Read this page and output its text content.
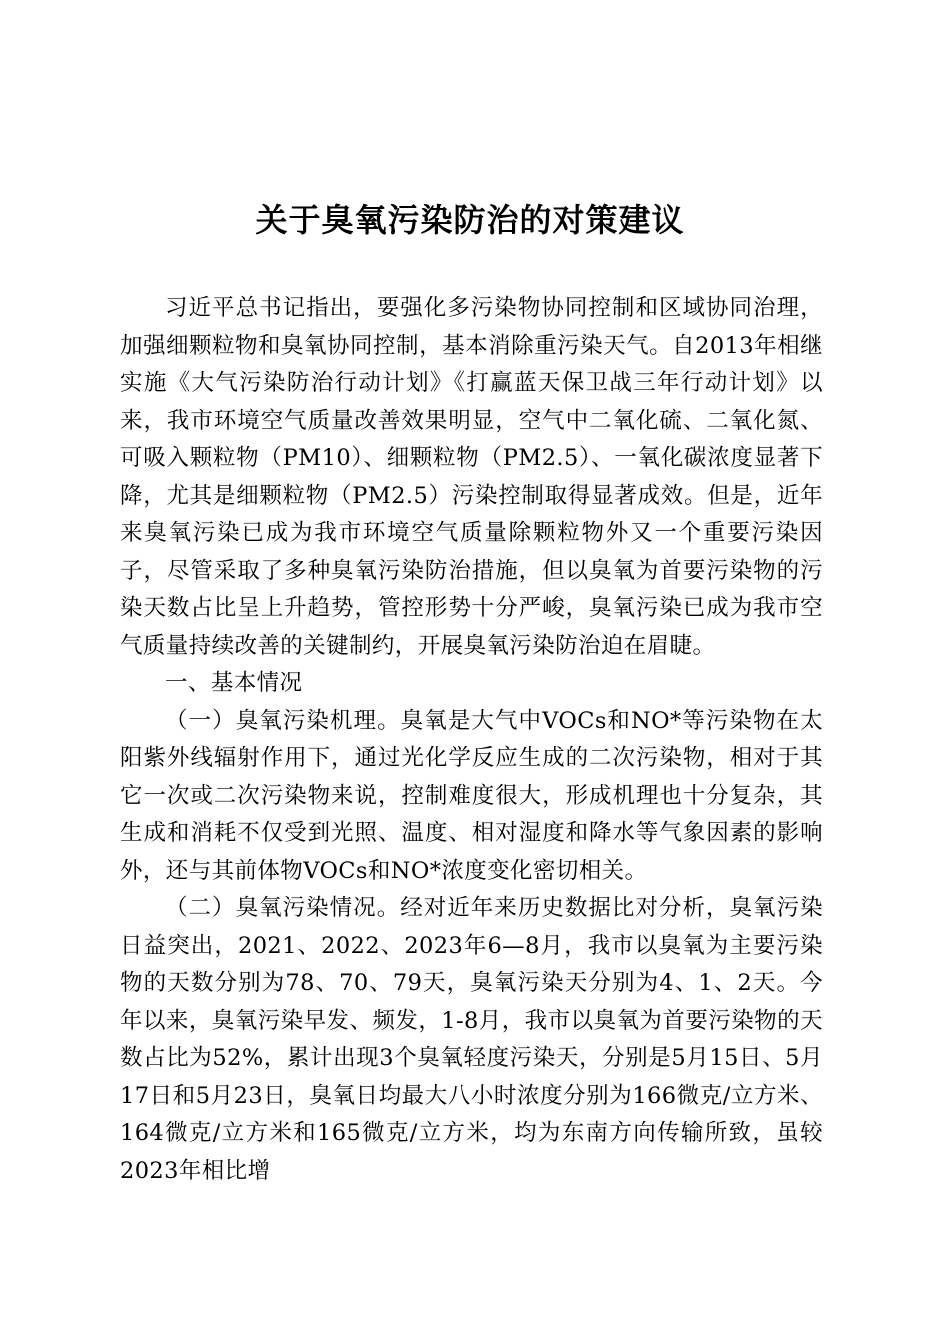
关于臭氧污染防治的对策建议

习近平总书记指出，要强化多污染物协同控制和区域协同治理，加强细颗粒物和臭氧协同控制，基本消除重污染天气。自2013年相继实施《大气污染防治行动计划》《打赢蓝天保卫战三年行动计划》以来，我市环境空气质量改善效果明显，空气中二氧化硫、二氧化氮、可吸入颗粒物（PM10）、细颗粒物（PM2.5）、一氧化碳浓度显著下降，尤其是细颗粒物（PM2.5）污染控制取得显著成效。但是，近年来臭氧污染已成为我市环境空气质量除颗粒物外又一个重要污染因子，尽管采取了多种臭氧污染防治措施，但以臭氧为首要污染物的污染天数占比呈上升趋势，管控形势十分严峻，臭氧污染已成为我市空气质量持续改善的关键制约，开展臭氧污染防治迫在眉睫。

一、基本情况

（一）臭氧污染机理。臭氧是大气中VOCs和NO*等污染物在太阳紫外线辐射作用下，通过光化学反应生成的二次污染物，相对于其它一次或二次污染物来说，控制难度很大，形成机理也十分复杂，其生成和消耗不仅受到光照、温度、相对湿度和降水等气象因素的影响外，还与其前体物VOCs和NO*浓度变化密切相关。

（二）臭氧污染情况。经对近年来历史数据比对分析，臭氧污染日益突出，2021、2022、2023年6—8月，我市以臭氧为主要污染物的天数分别为78、70、79天，臭氧污染天分别为4、1、2天。今年以来，臭氧污染早发、频发，1-8月，我市以臭氧为首要污染物的天数占比为52%，累计出现3个臭氧轻度污染天，分别是5月15日、5月17日和5月23日，臭氧日均最大八小时浓度分别为166微克/立方米、164微克/立方米和165微克/立方米，均为东南方向传输所致，虽较2023年相比增
